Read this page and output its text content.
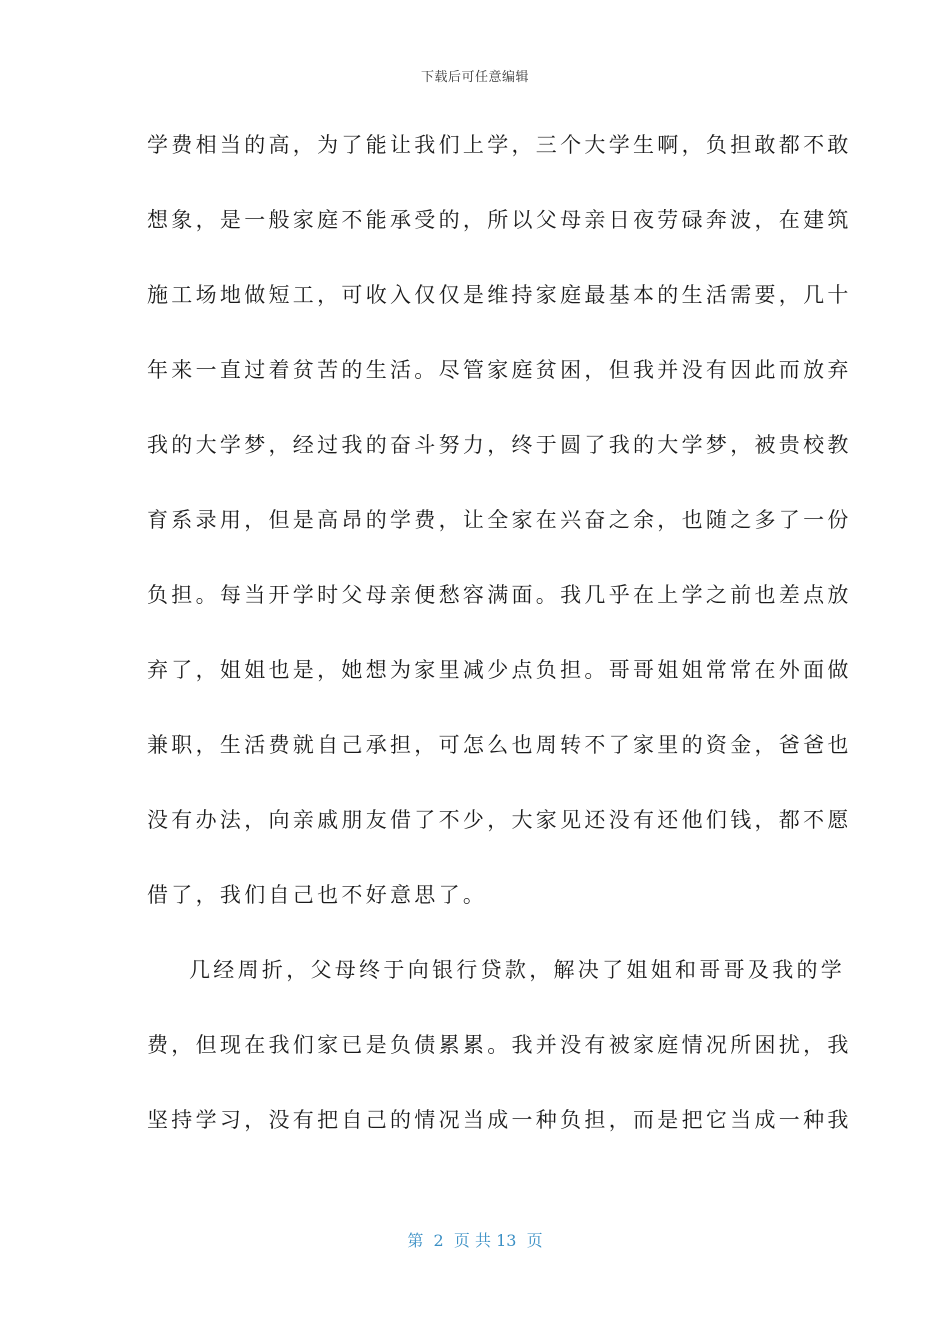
下载后可任意编辑
学费相当的高，为了能让我们上学，三个大学生啊，负担敢都不敢
想象，是一般家庭不能承受的，所以父母亲日夜劳碌奔波，在建筑
施工场地做短工，可收入仅仅是维持家庭最基本的生活需要，几十
年来一直过着贫苦的生活。尽管家庭贫困，但我并没有因此而放弃
我的大学梦，经过我的奋斗努力，终于圆了我的大学梦，被贵校教
育系录用，但是高昂的学费，让全家在兴奋之余，也随之多了一份
负担。每当开学时父母亲便愁容满面。我几乎在上学之前也差点放
弃了，姐姐也是，她想为家里减少点负担。哥哥姐姐常常在外面做
兼职，生活费就自己承担，可怎么也周转不了家里的资金，爸爸也
没有办法，向亲戚朋友借了不少，大家见还没有还他们钱，都不愿
借了，我们自己也不好意思了。
几经周折，父母终于向银行贷款，解决了姐姐和哥哥及我的学
费，但现在我们家已是负债累累。我并没有被家庭情况所困扰，我
坚持学习，没有把自己的情况当成一种负担，而是把它当成一种我
第  2  页 共 13  页
